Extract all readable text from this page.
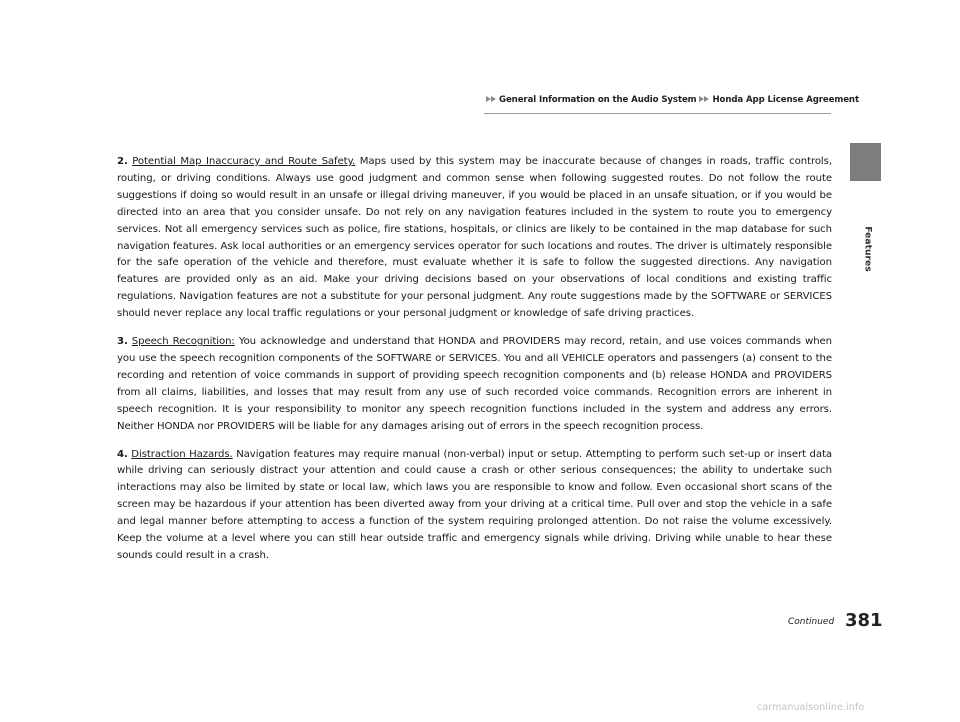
General Information on the Audio System Honda App License Agreement
Features

2. Potential Map Inaccuracy and Route Safety. Maps used by this system may be inaccurate because of changes in roads, traffic controls, routing, or driving conditions. Always use good judgment and common sense when following suggested routes. Do not follow the route suggestions if doing so would result in an unsafe or illegal driving maneuver, if you would be placed in an unsafe situation, or if you would be directed into an area that you consider unsafe. Do not rely on any navigation features included in the system to route you to emergency services. Not all emergency services such as police, fire stations, hospitals, or clinics are likely to be contained in the map database for such navigation features. Ask local authorities or an emergency services operator for such locations and routes. The driver is ultimately responsible for the safe operation of the vehicle and therefore, must evaluate whether it is safe to follow the suggested directions. Any navigation features are provided only as an aid. Make your driving decisions based on your observations of local conditions and existing traffic regulations. Navigation features are not a substitute for your personal judgment. Any route suggestions made by the SOFTWARE or SERVICES should never replace any local traffic regulations or your personal judgment or knowledge of safe driving practices.

3. Speech Recognition: You acknowledge and understand that HONDA and PROVIDERS may record, retain, and use voices commands when you use the speech recognition components of the SOFTWARE or SERVICES. You and all VEHICLE operators and passengers (a) consent to the recording and retention of voice commands in support of providing speech recognition components and (b) release HONDA and PROVIDERS from all claims, liabilities, and losses that may result from any use of such recorded voice commands. Recognition errors are inherent in speech recognition. It is your responsibility to monitor any speech recognition functions included in the system and address any errors. Neither HONDA nor PROVIDERS will be liable for any damages arising out of errors in the speech recognition process.

4. Distraction Hazards. Navigation features may require manual (non-verbal) input or setup. Attempting to perform such set-up or insert data while driving can seriously distract your attention and could cause a crash or other serious consequences; the ability to undertake such interactions may also be limited by state or local law, which laws you are responsible to know and follow. Even occasional short scans of the screen may be hazardous if your attention has been diverted away from your driving at a critical time. Pull over and stop the vehicle in a safe and legal manner before attempting to access a function of the system requiring prolonged attention. Do not raise the volume excessively. Keep the volume at a level where you can still hear outside traffic and emergency signals while driving. Driving while unable to hear these sounds could result in a crash.

Continued 381
carmanualsonline.info
